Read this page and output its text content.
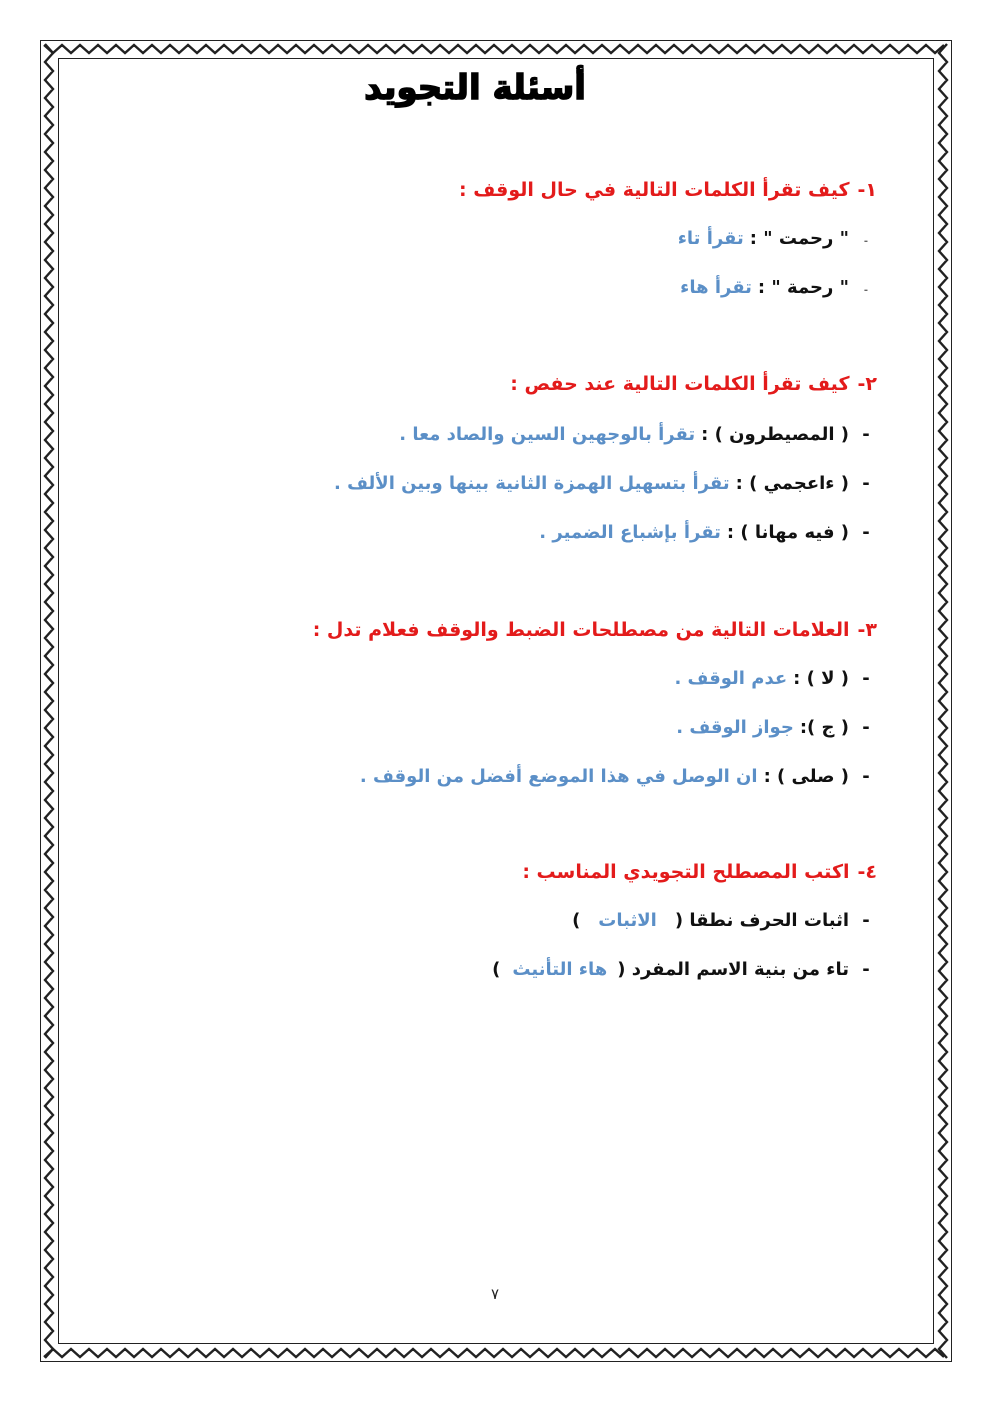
أسئلة التجويد
١-كيف تقرأ الكلمات التالية في حال الوقف :
-" رحمت " :تقرأ تاء
-" رحمة " :تقرأ هاء
٢-كيف تقرأ الكلمات التالية عند حفص :
-( المصيطرون ) :تقرأ بالوجهين السين والصاد معا .
-( ءاعجمي ) :تقرأ بتسهيل الهمزة الثانية بينها وبين الألف .
-( فيه مهانا ) :تقرأ بإشباع الضمير .
٣-العلامات التالية من مصطلحات الضبط والوقف فعلام تدل :
-( لا ) :عدم الوقف .
-( ج ):جواز الوقف .
-( صلى ) :ان الوصل في هذا الموضع أفضل من الوقف .
٤-اكتب المصطلح التجويدي المناسب :
-اثبات الحرف نطقا (الاثبات)
-تاء من بنية الاسم المفرد (هاء التأنيث)
٧
